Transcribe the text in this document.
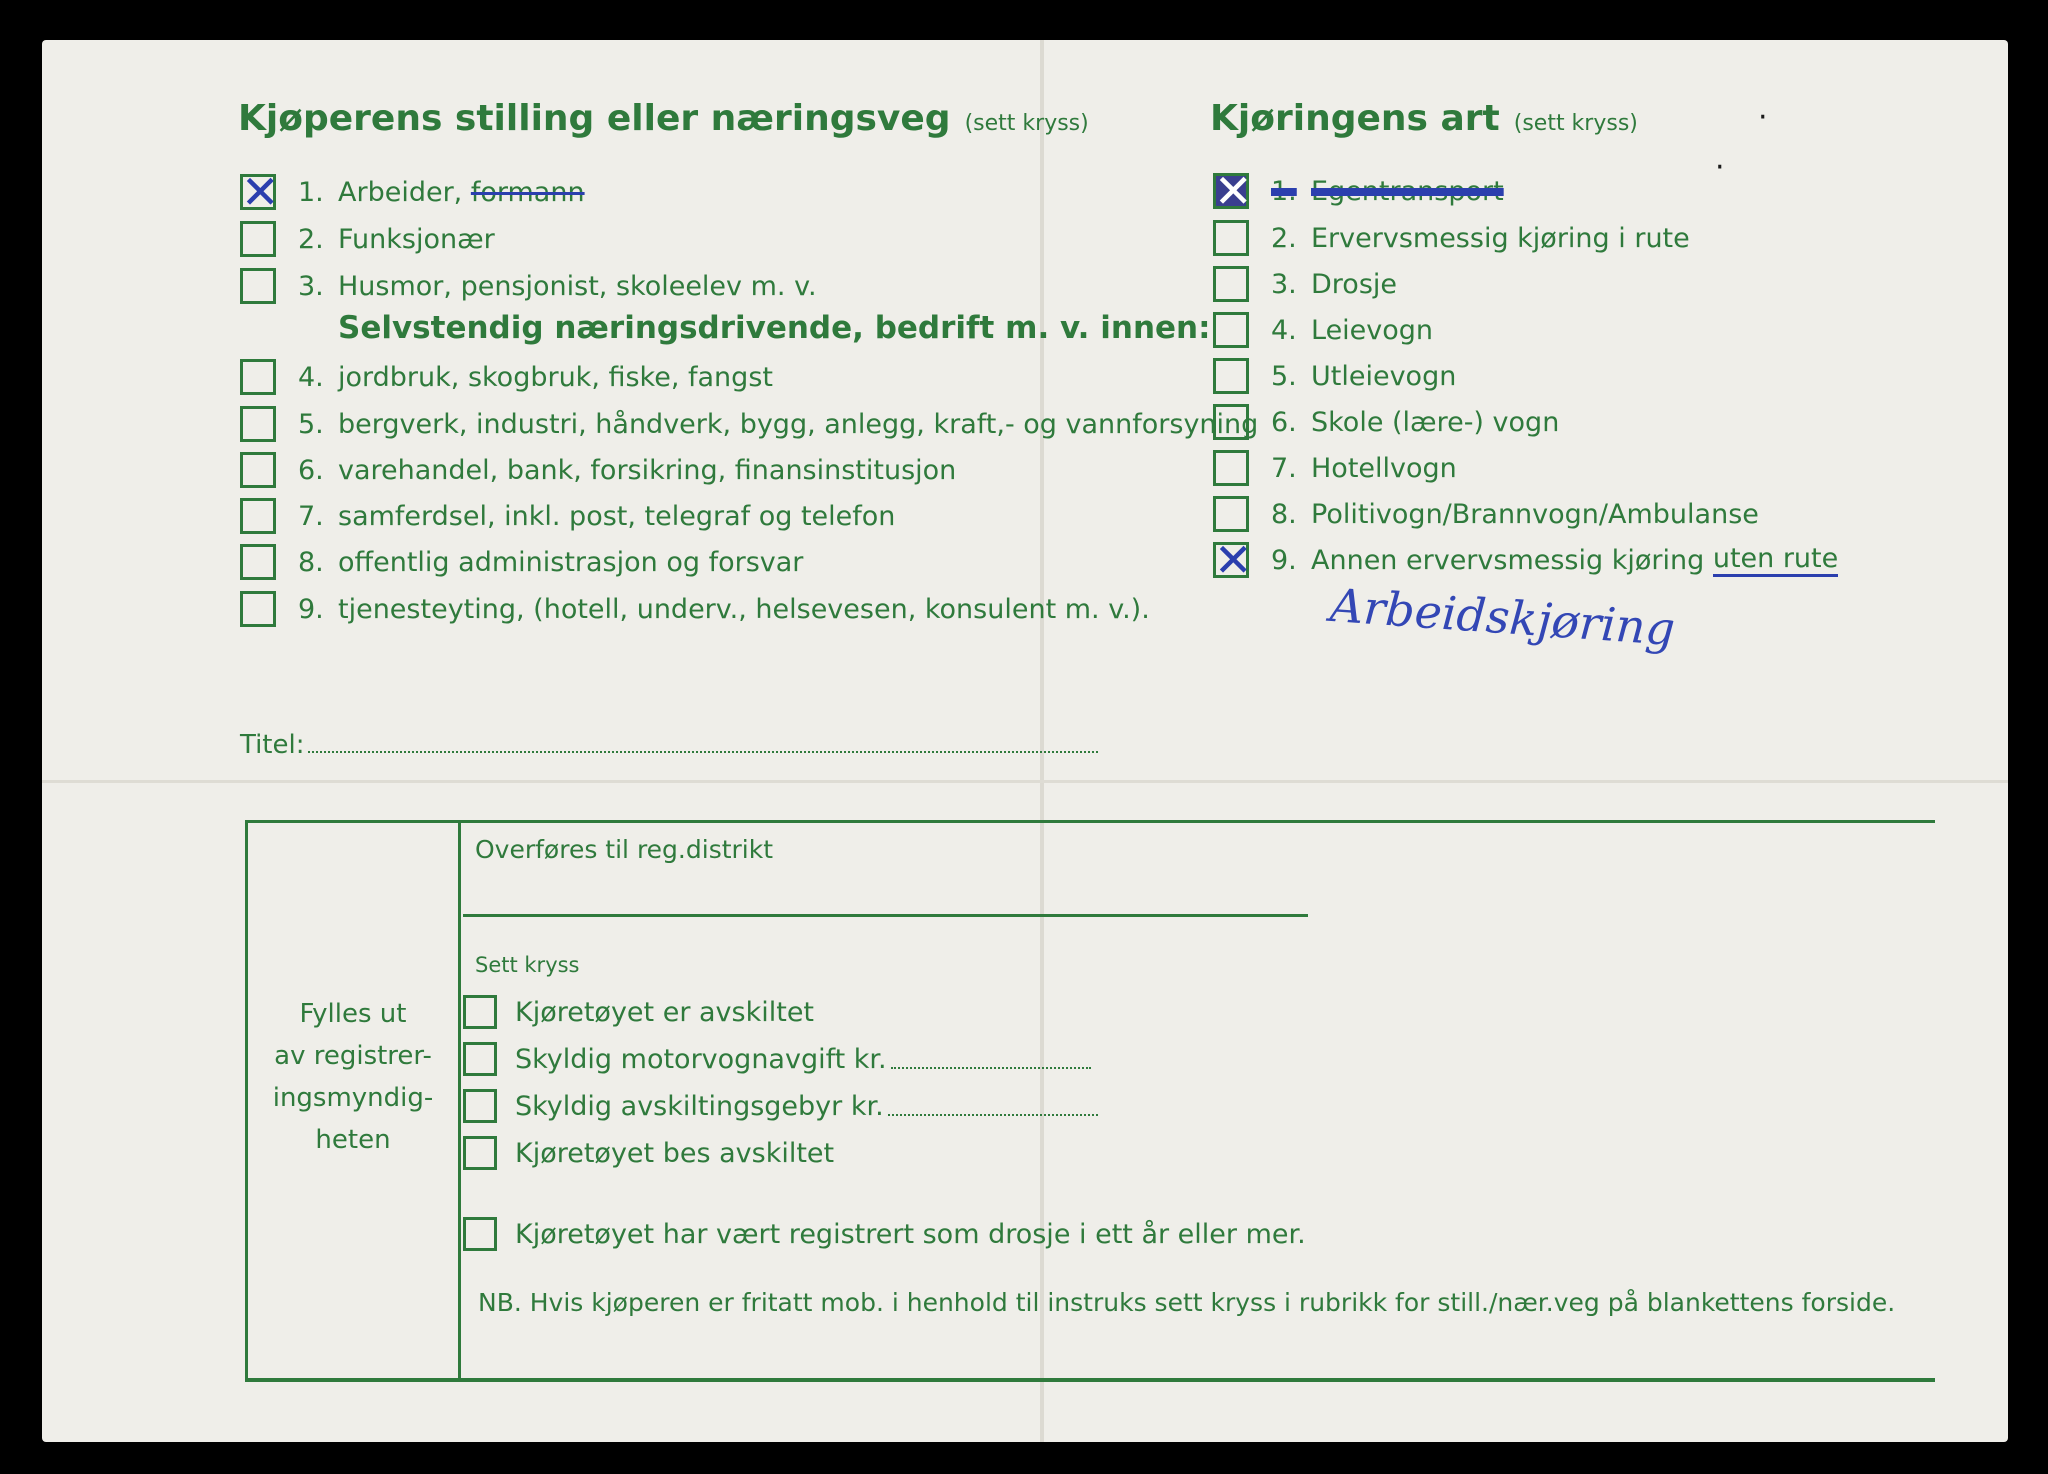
Kjøperens stilling eller næringsveg (sett kryss)
✕ 1. Arbeider,
formann
2. Funksjonær
3. Husmor, pensjonist, skoleelev m. v.
Selvstendig næringsdrivende, bedrift m. v. innen:
4. jordbruk, skogbruk, fiske, fangst
5. bergverk, industri, håndverk, bygg, anlegg, kraft,- og vannforsyning
6. varehandel, bank, forsikring, finansinstitusjon
7. samferdsel, inkl. post, telegraf og telefon
8. offentlig administrasjon og forsvar
9. tjenesteyting, (hotell, underv., helsevesen, konsulent m. v.).
Kjøringens art (sett kryss)
✕ 1. Egentransport
2. Ervervsmessig kjøring i rute
3. Drosje
4. Leievogn
5. Utleievogn
6. Skole (lære-) vogn
7. Hotellvogn
8. Politivogn/Brannvogn/Ambulanse
✕ 9. Annen ervervsmessig kjøring
uten rute
Arbeidskjøring
Titel:
Fylles ut
av registrer-
ingsmyndig-
heten
Overføres til reg.distrikt
Sett kryss
Kjøretøyet er avskiltet
Skyldig motorvognavgift kr.
Skyldig avskiltingsgebyr kr.
Kjøretøyet bes avskiltet
Kjøretøyet har vært registrert som drosje i ett år eller mer.
NB. Hvis kjøperen er fritatt mob. i henhold til instruks sett kryss i rubrikk for still./nær.veg på blankettens forside.
·
·
